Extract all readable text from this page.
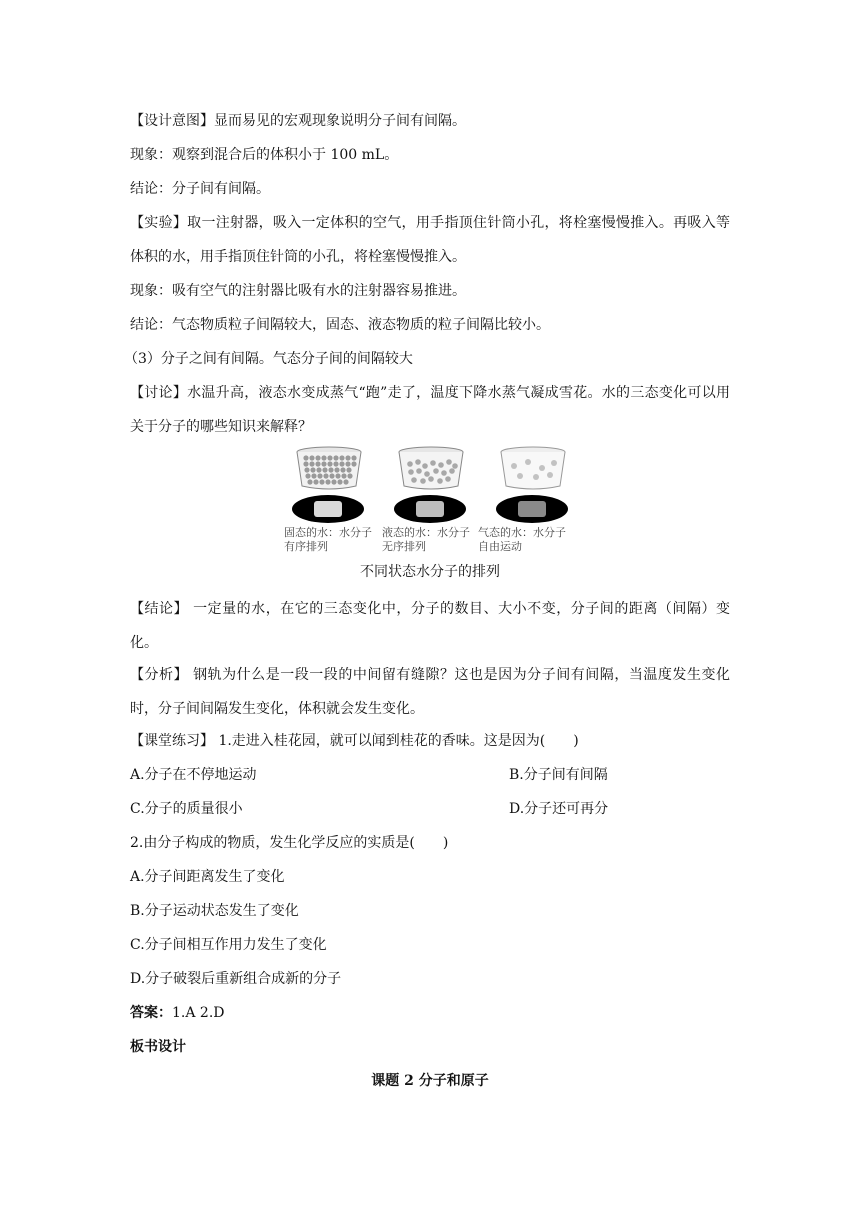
【设计意图】显而易见的宏观现象说明分子间有间隔。
现象：观察到混合后的体积小于 100 mL。
结论：分子间有间隔。
【实验】取一注射器，吸入一定体积的空气，用手指顶住针筒小孔，将栓塞慢慢推入。再吸入等体积的水，用手指顶住针筒的小孔，将栓塞慢慢推入。
现象：吸有空气的注射器比吸有水的注射器容易推进。
结论：气态物质粒子间隔较大，固态、液态物质的粒子间隔比较小。
（3）分子之间有间隔。气态分子间的间隔较大
【讨论】水温升高，液态水变成蒸气“跑”走了，温度下降水蒸气凝成雪花。水的三态变化可以用关于分子的哪些知识来解释？
固态的水：水分子有序排列
液态的水：水分子无序排列
气态的水：水分子自由运动
不同状态水分子的排列
【结论】 一定量的水，在它的三态变化中，分子的数目、大小不变，分子间的距离（间隔）变化。
【分析】 钢轨为什么是一段一段的中间留有缝隙？这也是因为分子间有间隔，当温度发生变化时，分子间间隔发生变化，体积就会发生变化。
【课堂练习】 1.走进入桂花园，就可以闻到桂花的香味。这是因为(　　)
A.分子在不停地运动	B.分子间有间隔
C.分子的质量很小	D.分子还可再分
2.由分子构成的物质，发生化学反应的实质是(　　)
A.分子间距离发生了变化
B.分子运动状态发生了变化
C.分子间相互作用力发生了变化
D.分子破裂后重新组合成新的分子
答案：1.A 2.D
板书设计
课题 2 分子和原子
